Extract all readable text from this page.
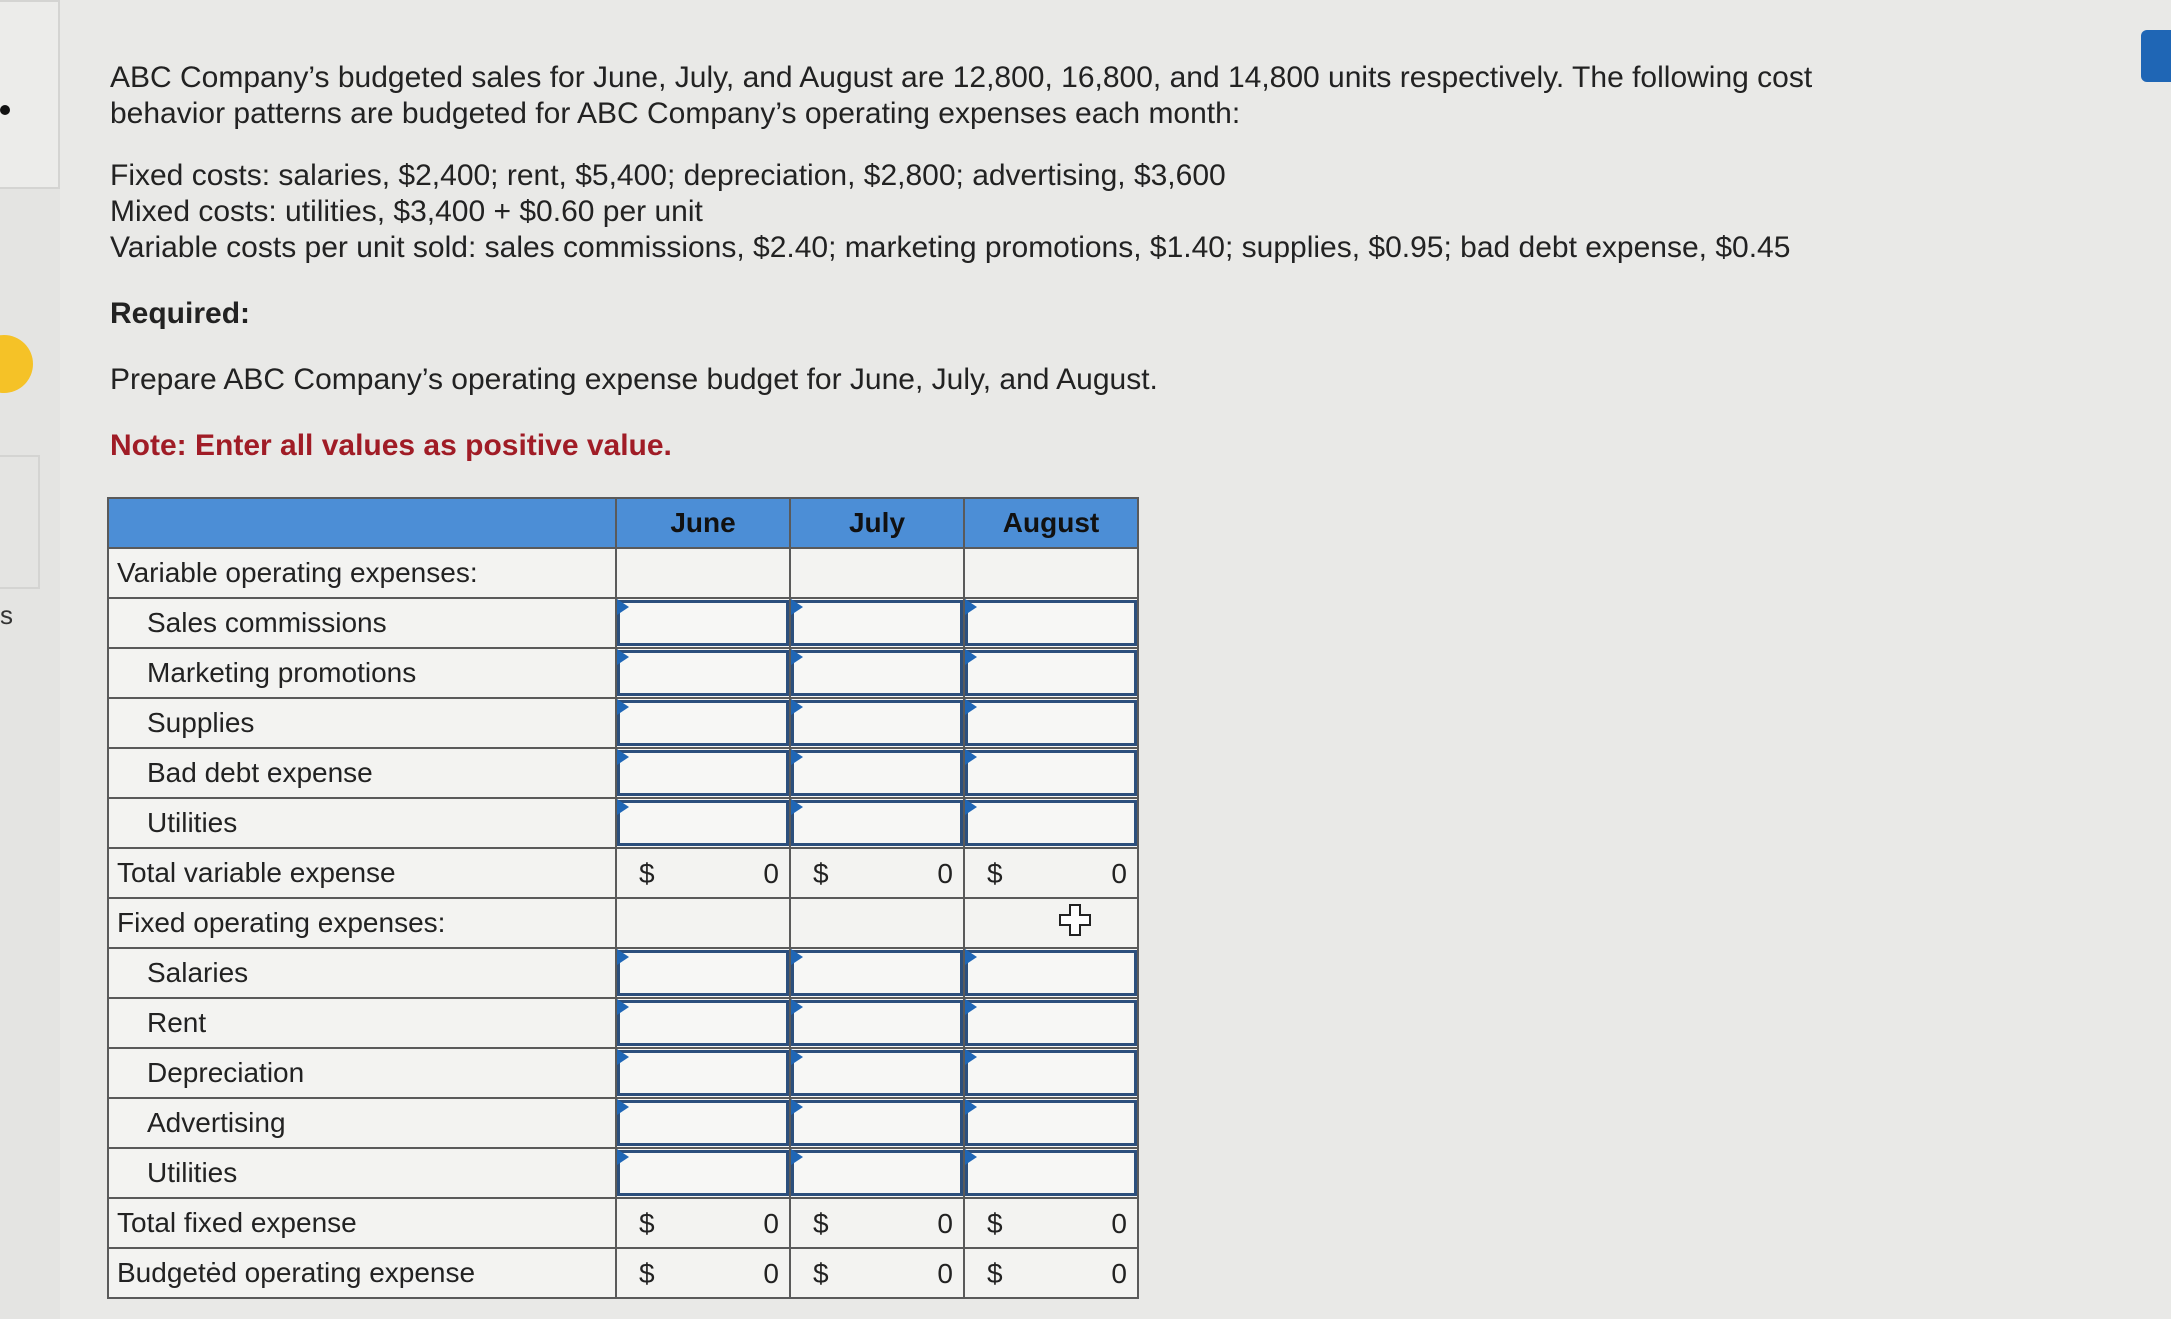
s

ABC Company’s budgeted sales for June, July, and August are 12,800, 16,800, and 14,800 units respectively. The following cost

behavior patterns are budgeted for ABC Company’s operating expenses each month:

Fixed costs: salaries, $2,400; rent, $5,400; depreciation, $2,800; advertising, $3,600

Mixed costs: utilities, $3,400 + $0.60 per unit

Variable costs per unit sold: sales commissions, $2.40; marketing promotions, $1.40; supplies, $0.95; bad debt expense, $0.45

Required:

Prepare ABC Company’s operating expense budget for June, July, and August.

Note: Enter all values as positive value.

	June	July	August
Variable operating expenses:			
Sales commissions	

Marketing promotions	

Supplies	

Bad debt expense	

Utilities	

Total variable expense	$ 0	$ 0	$ 0

Fixed operating expenses:			
Salaries	

Rent	

Depreciation	

Advertising	

Utilities	

Total fixed expense	$ 0	$ 0	$ 0

Budgetėd operating expense	$ 0	$ 0	$ 0
